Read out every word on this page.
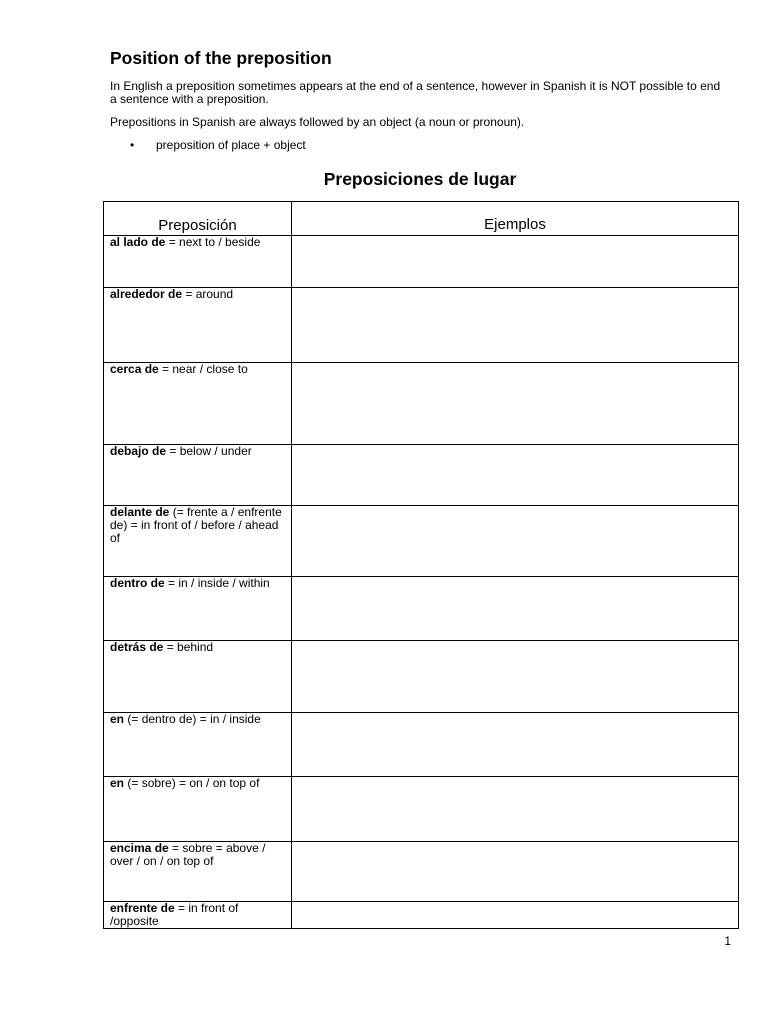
Position of the preposition

In English a preposition sometimes appears at the end of a sentence, however in Spanish it is NOT possible to end a sentence with a preposition.

Prepositions in Spanish are always followed by an object (a noun or pronoun).

• preposition of place + object
Preposiciones de lugar
Preposición	Ejemplos

al lado de = next to / beside	
alrededor de = around	
cerca de = near / close to	
debajo de = below / under	
delante de (= frente a / enfrente de) = in front of / before / ahead of	
dentro de = in / inside / within	
detrás de = behind	
en (= dentro de) = in / inside	
en (= sobre) = on / on top of	
encima de = sobre = above / over / on / on top of	
enfrente de = in front of /opposite	
1
